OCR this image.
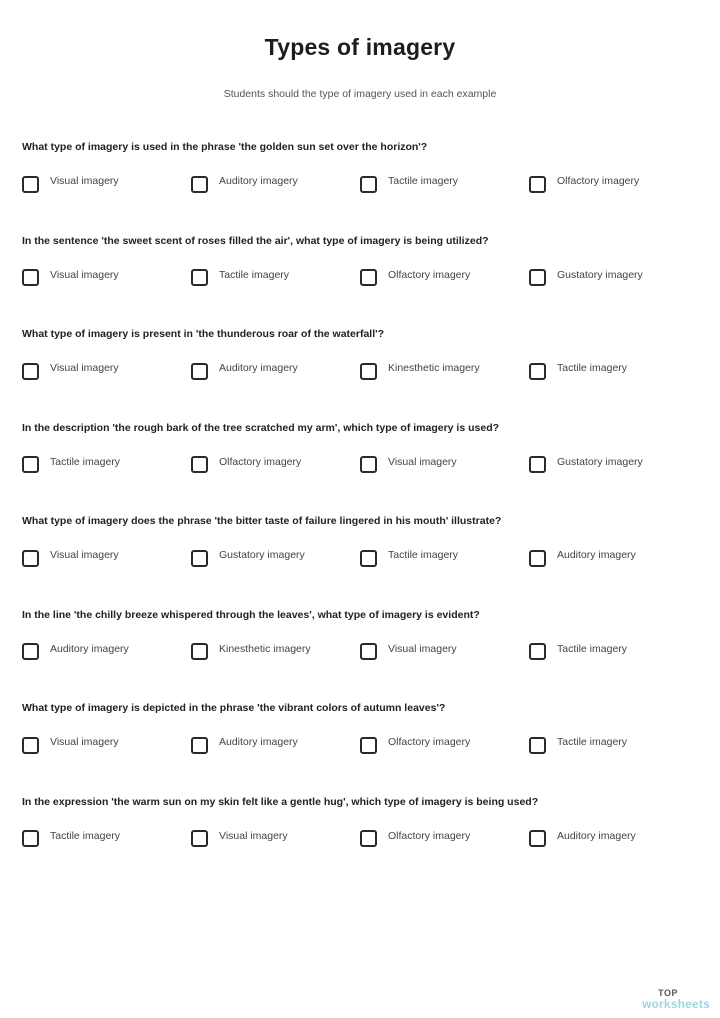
Types of imagery
Students should the type of imagery used in each example
What type of imagery is used in the phrase 'the golden sun set over the horizon'?
Visual imagery	Auditory imagery	Tactile imagery	Olfactory imagery
In the sentence 'the sweet scent of roses filled the air', what type of imagery is being utilized?
Visual imagery	Tactile imagery	Olfactory imagery	Gustatory imagery
What type of imagery is present in 'the thunderous roar of the waterfall'?
Visual imagery	Auditory imagery	Kinesthetic imagery	Tactile imagery
In the description 'the rough bark of the tree scratched my arm', which type of imagery is used?
Tactile imagery	Olfactory imagery	Visual imagery	Gustatory imagery
What type of imagery does the phrase 'the bitter taste of failure lingered in his mouth' illustrate?
Visual imagery	Gustatory imagery	Tactile imagery	Auditory imagery
In the line 'the chilly breeze whispered through the leaves', what type of imagery is evident?
Auditory imagery	Kinesthetic imagery	Visual imagery	Tactile imagery
What type of imagery is depicted in the phrase 'the vibrant colors of autumn leaves'?
Visual imagery	Auditory imagery	Olfactory imagery	Tactile imagery
In the expression 'the warm sun on my skin felt like a gentle hug', which type of imagery is being used?
Tactile imagery	Visual imagery	Olfactory imagery	Auditory imagery
TOP
worksheets
